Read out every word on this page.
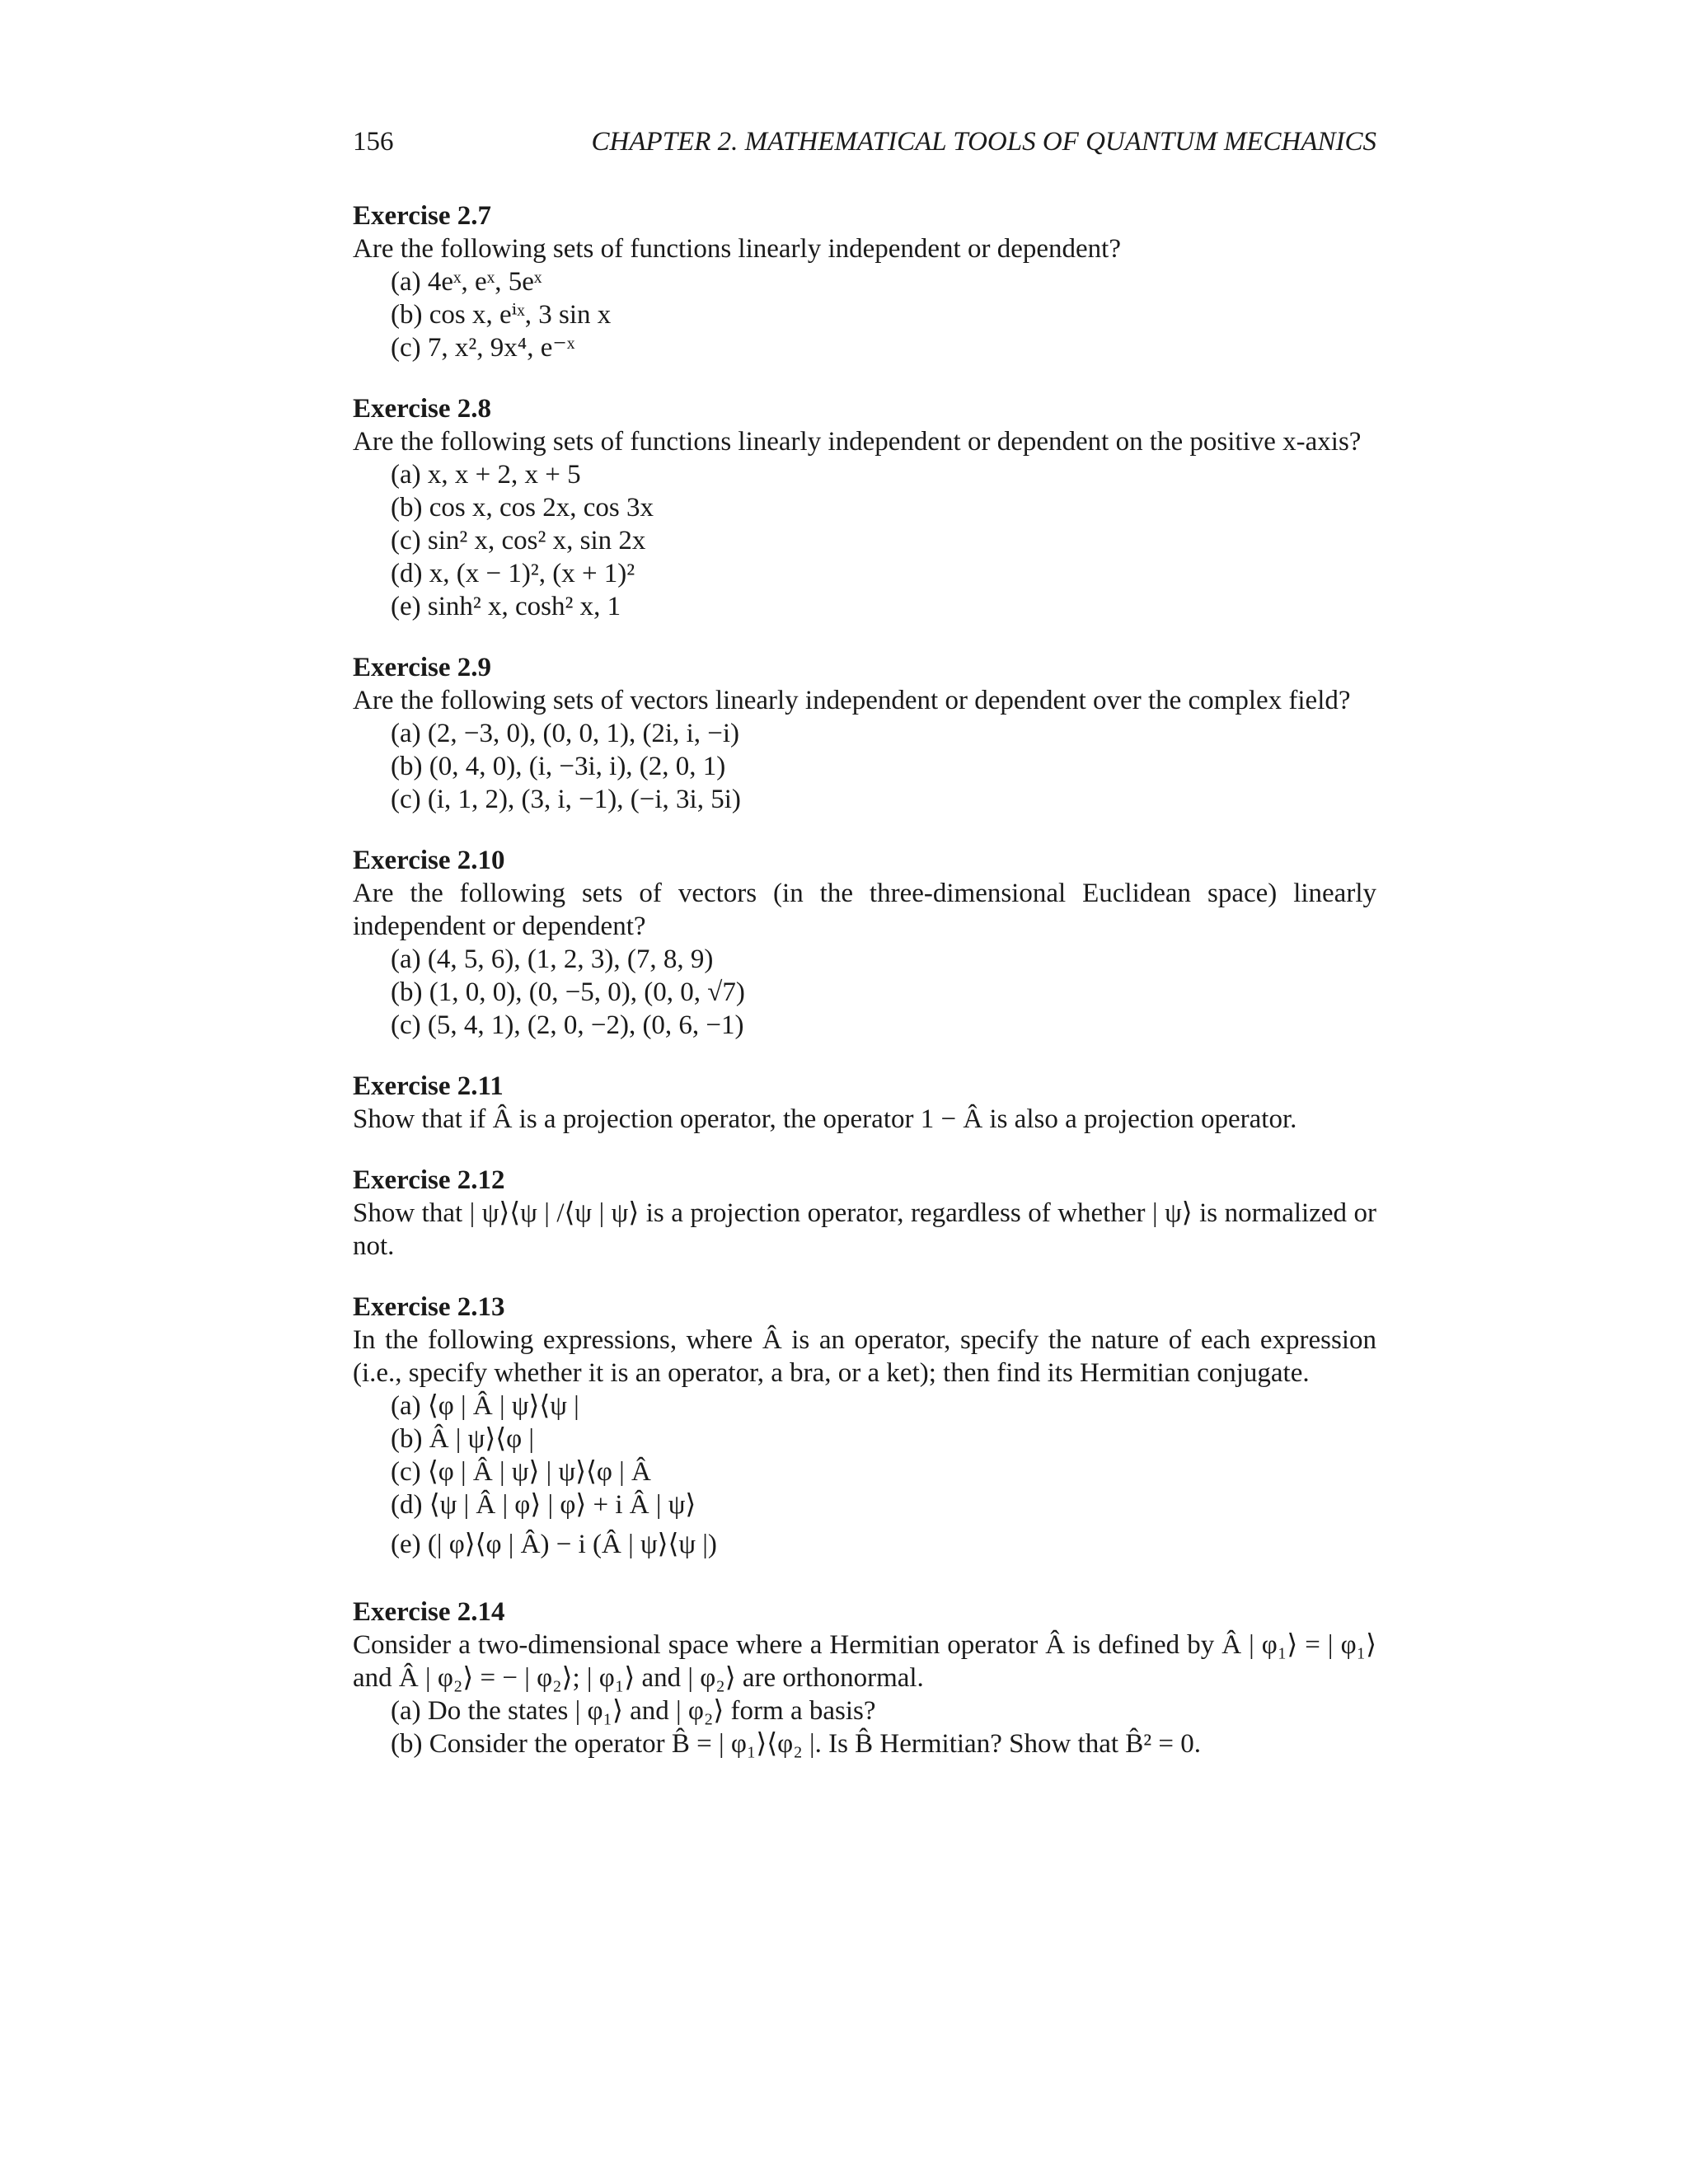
156	CHAPTER 2. MATHEMATICAL TOOLS OF QUANTUM MECHANICS
Exercise 2.7
Are the following sets of functions linearly independent or dependent?
(a) 4eˣ, eˣ, 5eˣ
(b) cos x, eⁱˣ, 3 sin x
(c) 7, x², 9x⁴, e⁻ˣ
Exercise 2.8
Are the following sets of functions linearly independent or dependent on the positive x-axis?
(a) x, x + 2, x + 5
(b) cos x, cos 2x, cos 3x
(c) sin² x, cos² x, sin 2x
(d) x, (x − 1)², (x + 1)²
(e) sinh² x, cosh² x, 1
Exercise 2.9
Are the following sets of vectors linearly independent or dependent over the complex field?
(a) (2, −3, 0), (0, 0, 1), (2i, i, −i)
(b) (0, 4, 0), (i, −3i, i), (2, 0, 1)
(c) (i, 1, 2), (3, i, −1), (−i, 3i, 5i)
Exercise 2.10
Are the following sets of vectors (in the three-dimensional Euclidean space) linearly independent or dependent?
(a) (4, 5, 6), (1, 2, 3), (7, 8, 9)
(b) (1, 0, 0), (0, −5, 0), (0, 0, √7)
(c) (5, 4, 1), (2, 0, −2), (0, 6, −1)
Exercise 2.11
Show that if Â is a projection operator, the operator 1 − Â is also a projection operator.
Exercise 2.12
Show that | ψ⟩⟨ψ | /⟨ψ | ψ⟩ is a projection operator, regardless of whether | ψ⟩ is normalized or not.
Exercise 2.13
In the following expressions, where Â is an operator, specify the nature of each expression (i.e., specify whether it is an operator, a bra, or a ket); then find its Hermitian conjugate.
(a) ⟨φ | Â | ψ⟩⟨ψ |
(b) Â | ψ⟩⟨φ |
(c) ⟨φ | Â | ψ⟩ | ψ⟩⟨φ | Â
(d) ⟨ψ | Â | φ⟩ | φ⟩ + i Â | ψ⟩
(e) (| φ⟩⟨φ | Â) − i (Â | ψ⟩⟨ψ |)
Exercise 2.14
Consider a two-dimensional space where a Hermitian operator Â is defined by Â | φ₁⟩ = | φ₁⟩ and Â | φ₂⟩ = − | φ₂⟩; | φ₁⟩ and | φ₂⟩ are orthonormal.
(a) Do the states | φ₁⟩ and | φ₂⟩ form a basis?
(b) Consider the operator B̂ = | φ₁⟩⟨φ₂ |. Is B̂ Hermitian? Show that B̂² = 0.
